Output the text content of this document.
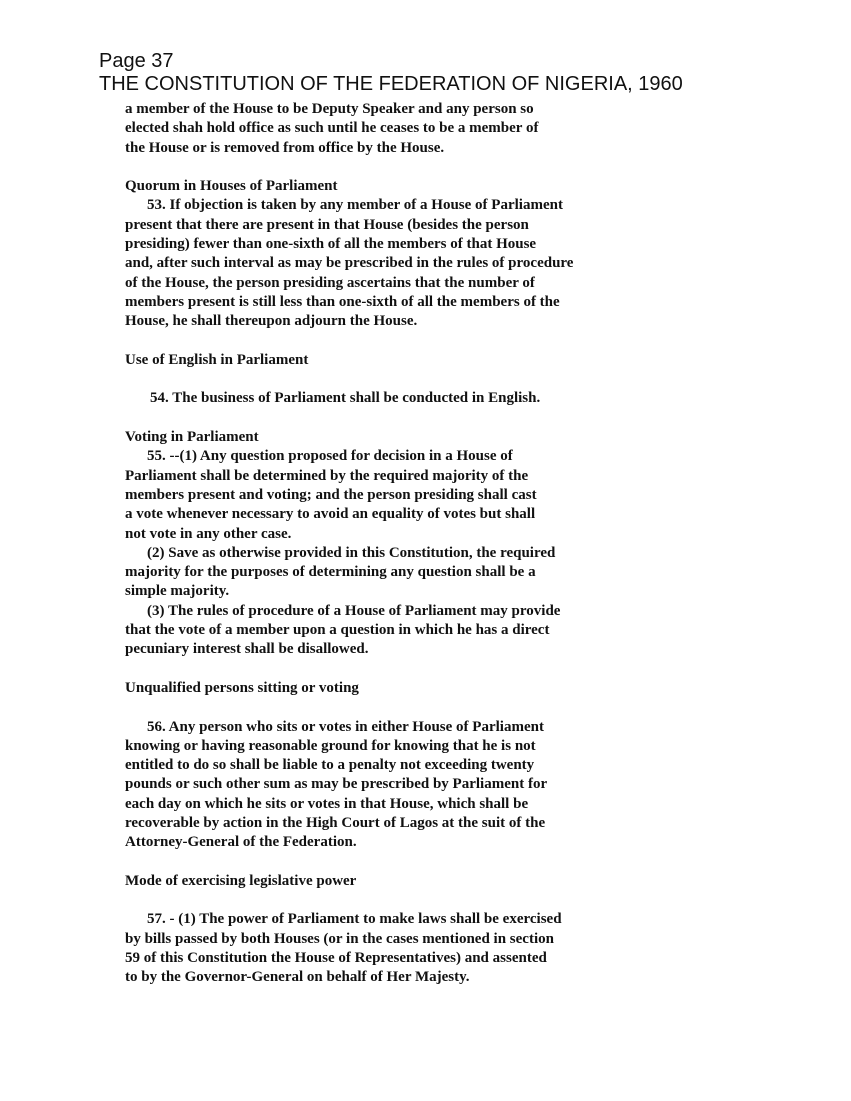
Page 37
THE CONSTITUTION OF THE FEDERATION OF NIGERIA, 1960
a member of the House to be Deputy Speaker and any person so
elected shah hold office as such until he ceases to be a member of
the House or is removed from office by the House.
Quorum in Houses of Parliament
53. If objection is taken by any member of a House of Parliament
present that there are present in that House (besides the person
presiding) fewer than one-sixth of all the members of that House
and, after such interval as may be prescribed in the rules of procedure
of the House, the person presiding ascertains that the number of
members present is still less than one-sixth of all the members of the
House, he shall thereupon adjourn the House.
Use of English in Parliament
54. The business of Parliament shall be conducted in English.
Voting in Parliament
55. --(1) Any question proposed for decision in a House of
Parliament shall be determined by the required majority of the
members present and voting; and the person presiding shall cast
a vote whenever necessary to avoid an equality of votes but shall
not vote in any other case.
(2) Save as otherwise provided in this Constitution, the required
majority for the purposes of determining any question shall be a
simple majority.
(3) The rules of procedure of a House of Parliament may provide
that the vote of a member upon a question in which he has a direct
pecuniary interest shall be disallowed.
Unqualified persons sitting or voting
56. Any person who sits or votes in either House of Parliament
knowing or having reasonable ground for knowing that he is not
entitled to do so shall be liable to a penalty not exceeding twenty
pounds or such other sum as may be prescribed by Parliament for
each day on which he sits or votes in that House, which shall be
recoverable by action in the High Court of Lagos at the suit of the
Attorney-General of the Federation.
Mode of exercising legislative power
57. - (1) The power of Parliament to make laws shall be exercised
by bills passed by both Houses (or in the cases mentioned in section
59 of this Constitution the House of Representatives) and assented
to by the Governor-General on behalf of Her Majesty.
